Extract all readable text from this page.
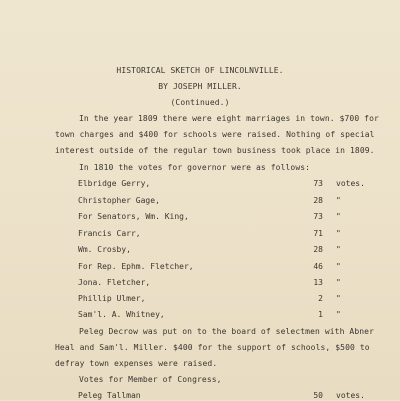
HISTORICAL SKETCH OF LINCOLNVILLE.
BY JOSEPH MILLER.
(Continued.)
In the year 1809 there were eight marriages in town. $700 for
town charges and $400 for schools were raised. Nothing of special
interest outside of the regular town business took place in 1809.
In 1810 the votes for governor were as follows:
Elbridge Gerry,	73 votes.
Christopher Gage,	28 "
For Senators, Wm. King,	73 "
Francis Carr,	71 "
Wm. Crosby,	28 "
For Rep. Ephm. Fletcher,	46 "
Jona. Fletcher,	13 "
Phillip Ulmer,	2 "
Sam'l. A. Whitney,	1 "
Peleg Decrow was put on to the board of selectmen with Abner
Heal and Sam'l. Miller. $400 for the support of schools, $500 to
defray town expenses were raised.
Votes for Member of Congress,
Peleg Tallman	50 votes.
